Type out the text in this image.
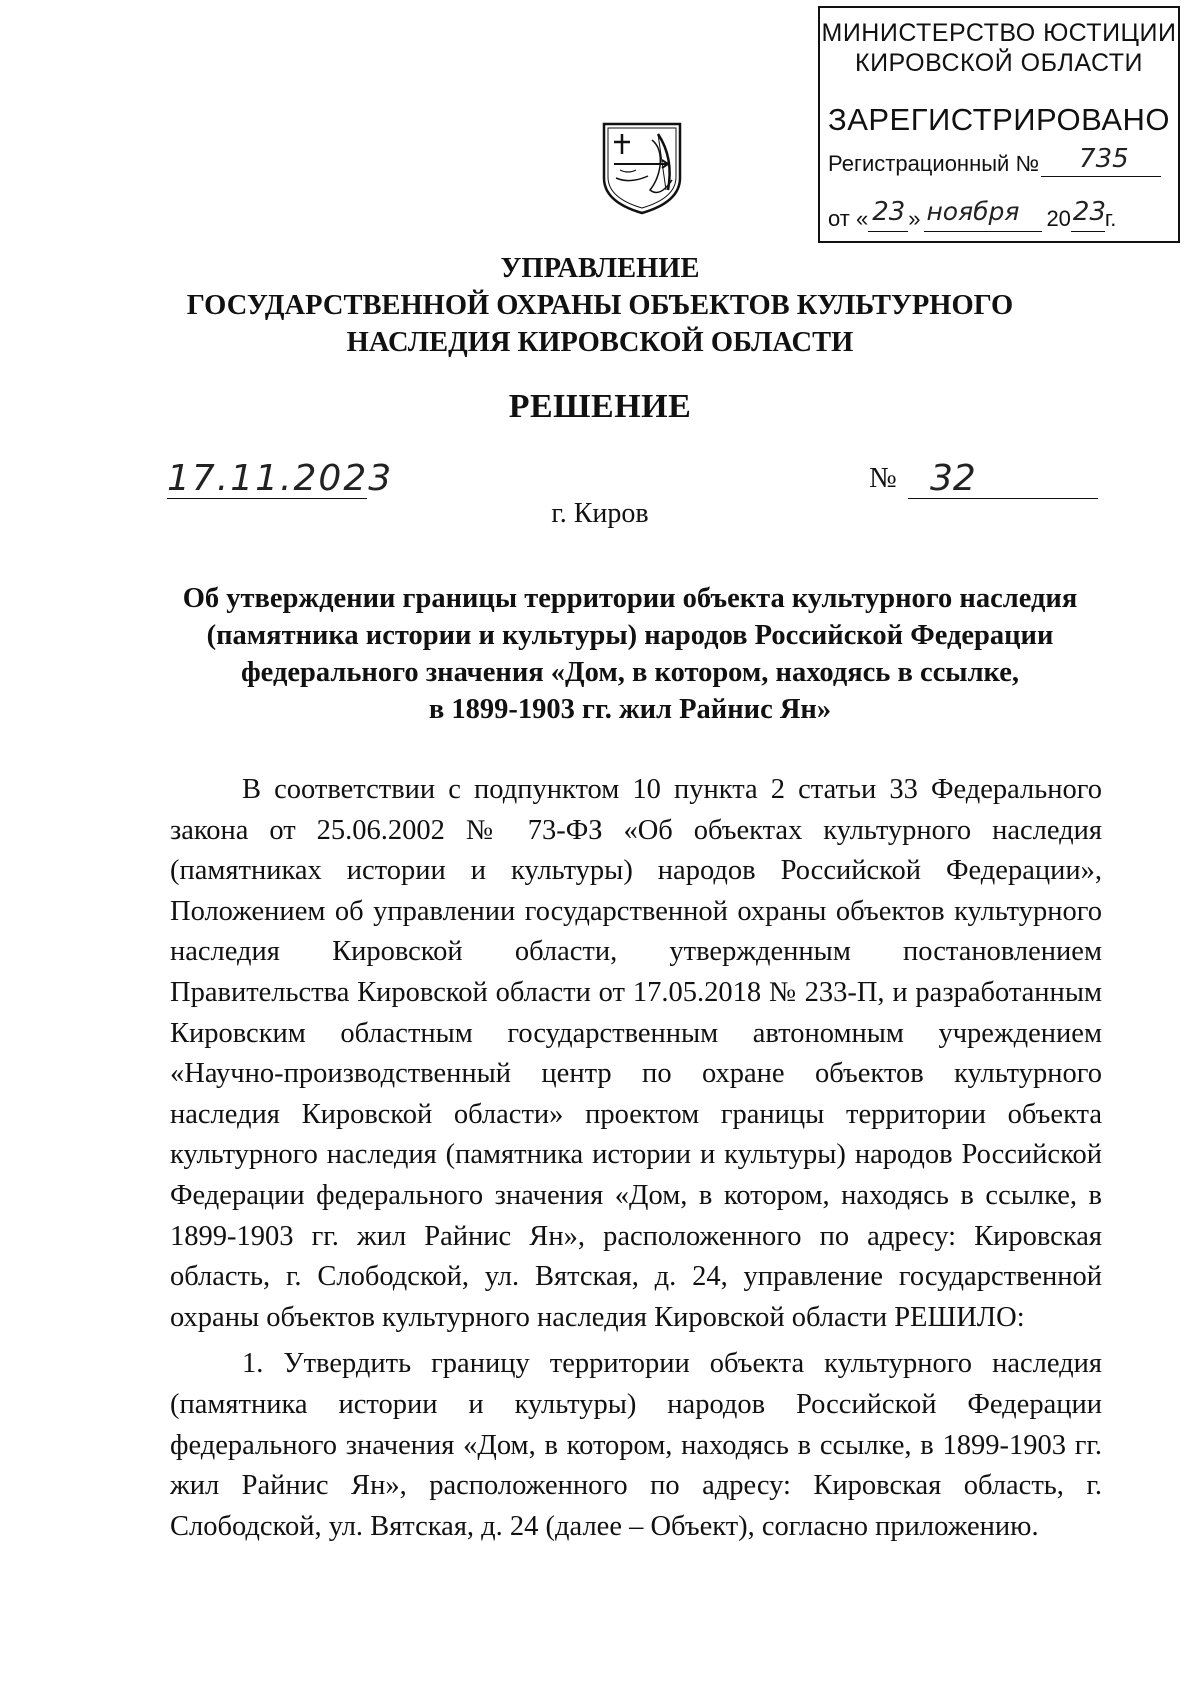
МИНИСТЕРСТВО ЮСТИЦИИ
КИРОВСКОЙ ОБЛАСТИ
ЗАРЕГИСТРИРОВАНО
Регистрационный № 735
от « 23 » ноября 20 23
г.
УПРАВЛЕНИЕ
ГОСУДАРСТВЕННОЙ ОХРАНЫ ОБЪЕКТОВ КУЛЬТУРНОГО
НАСЛЕДИЯ КИРОВСКОЙ ОБЛАСТИ
РЕШЕНИЕ
17.11.2023	№ 32
г. Киров
Об утверждении границы территории объекта культурного наследия
(памятника истории и культуры) народов Российской Федерации
федерального значения «Дом, в котором, находясь в ссылке,
в 1899-1903 гг. жил Райнис Ян»

В соответствии с подпунктом 10 пункта 2 статьи 33 Федерального закона от 25.06.2002 № 73-ФЗ «Об объектах культурного наследия (памятниках истории и культуры) народов Российской Федерации», Положением об управлении государственной охраны объектов культурного наследия Кировской области, утвержденным постановлением Правительства Кировской области от 17.05.2018 № 233-П, и разработанным Кировским областным государственным автономным учреждением «Научно-производственный центр по охране объектов культурного наследия Кировской области» проектом границы территории объекта культурного наследия (памятника истории и культуры) народов Российской Федерации федерального значения «Дом, в котором, находясь в ссылке, в 1899-1903 гг. жил Райнис Ян», расположенного по адресу: Кировская область, г. Слободской, ул. Вятская, д. 24, управление государственной охраны объектов культурного наследия Кировской области РЕШИЛО:

1. Утвердить границу территории объекта культурного наследия (памятника истории и культуры) народов Российской Федерации федерального значения «Дом, в котором, находясь в ссылке, в 1899-1903 гг. жил Райнис Ян», расположенного по адресу: Кировская область, г. Слободской, ул. Вятская, д. 24 (далее – Объект), согласно приложению.
